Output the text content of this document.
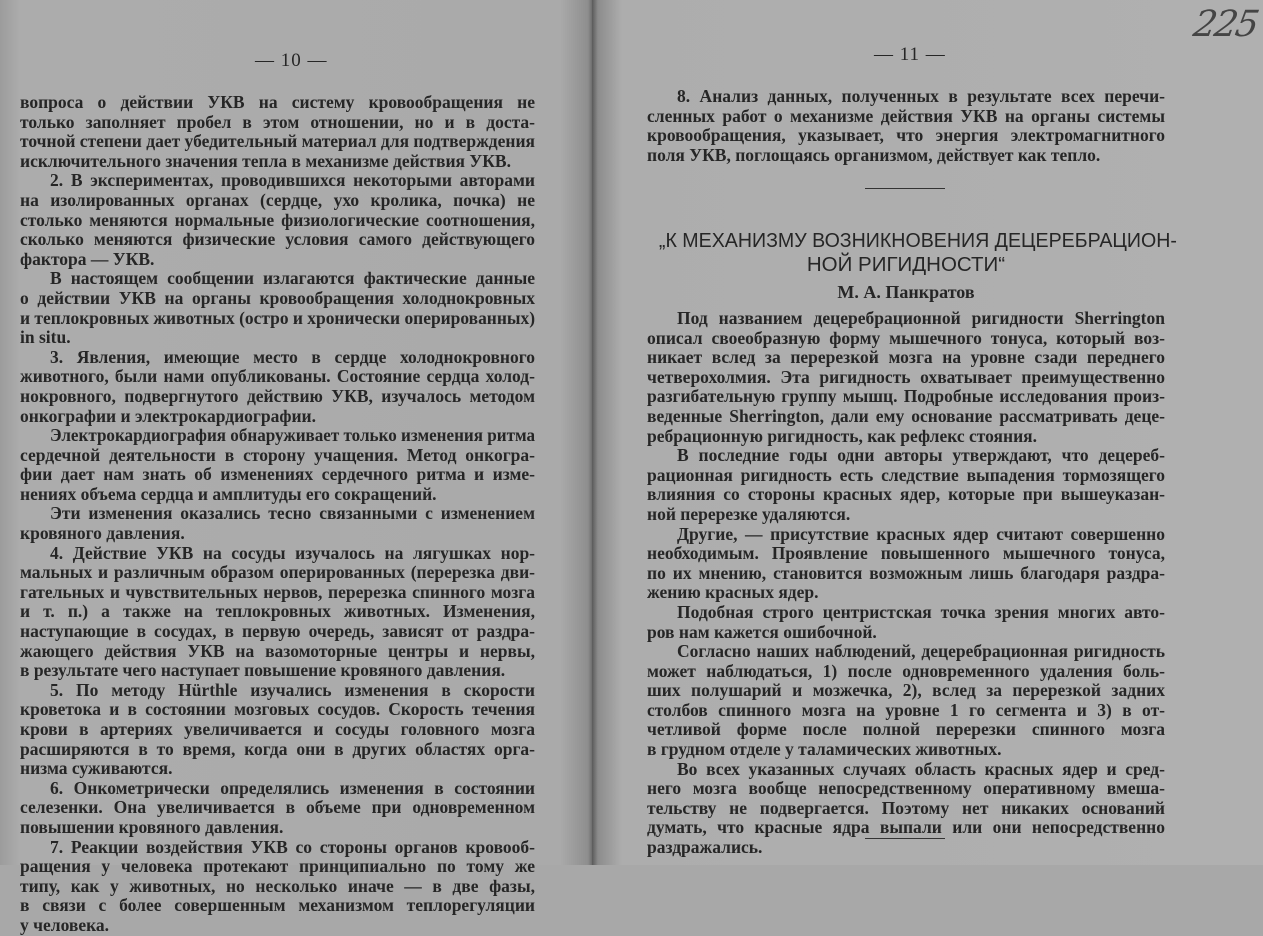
— 10 —
вопроса о действии УКВ на систему кровообращения не
только заполняет пробел в этом отношении, но и в доста-
точной степени дает убедительный материал для подтверждения
исключительного значения тепла в механизме действия УКВ.
2. В экспериментах, проводившихся некоторыми авторами
на изолированных органах (сердце, ухо кролика, почка) не
столько меняются нормальные физиологические соотношения,
сколько меняются физические условия самого действующего
фактора — УКВ.
В настоящем сообщении излагаются фактические данные
о действии УКВ на органы кровообращения холоднокровных
и теплокровных животных (остро и хронически оперированных)
in situ.
3. Явления, имеющие место в сердце холоднокровного
животного, были нами опубликованы. Состояние сердца холод-
нокровного, подвергнутого действию УКВ, изучалось методом
онкографии и электрокардиографии.
Электрокардиография обнаруживает только изменения ритма
сердечной деятельности в сторону учащения. Метод онкогра-
фии дает нам знать об изменениях сердечного ритма и изме-
нениях объема сердца и амплитуды его сокращений.
Эти изменения оказались тесно связанными с изменением
кровяного давления.
4. Действие УКВ на сосуды изучалось на лягушках нор-
мальных и различным образом оперированных (перерезка дви-
гательных и чувствительных нервов, перерезка спинного мозга
и т. п.) а также на теплокровных животных. Изменения,
наступающие в сосудах, в первую очередь, зависят от раздра-
жающего действия УКВ на вазомоторные центры и нервы,
в результате чего наступает повышение кровяного давления.
5. По методу Hürthle изучались изменения в скорости
кроветока и в состоянии мозговых сосудов. Скорость течения
крови в артериях увеличивается и сосуды головного мозга
расширяются в то время, когда они в других областях орга-
низма суживаются.
6. Онкометрически определялись изменения в состоянии
селезенки. Она увеличивается в объеме при одновременном
повышении кровяного давления.
7. Реакции воздействия УКВ со стороны органов кровооб-
ращения у человека протекают принципиально по тому же
типу, как у животных, но несколько иначе — в две фазы,
в связи с более совершенным механизмом теплорегуляции
у человека.
— 11 —
225
8. Анализ данных, полученных в результате всех перечи-
сленных работ о механизме действия УКВ на органы системы
кровообращения, указывает, что энергия электромагнитного
поля УКВ, поглощаясь организмом, действует как тепло.
„К МЕХАНИЗМУ ВОЗНИКНОВЕНИЯ ДЕЦЕРЕБРАЦИОН-
НОЙ РИГИДНОСТИ“
М. А. Панкратов
Под названием децеребрационной ригидности Sherrington
описал своеобразную форму мышечного тонуса, который воз-
никает вслед за перерезкой мозга на уровне сзади переднего
четверохолмия. Эта ригидность охватывает преимущественно
разгибательную группу мышц. Подробные исследования произ-
веденные Sherrington, дали ему основание рассматривать деце-
ребрационную ригидность, как рефлекс стояния.
В последние годы одни авторы утверждают, что децереб-
рационная ригидность есть следствие выпадения тормозящего
влияния со стороны красных ядер, которые при вышеуказан-
ной перерезке удаляются.
Другие, — присутствие красных ядер считают совершенно
необходимым. Проявление повышенного мышечного тонуса,
по их мнению, становится возможным лишь благодаря раздра-
жению красных ядер.
Подобная строго центристская точка зрения многих авто-
ров нам кажется ошибочной.
Согласно наших наблюдений, децеребрационная ригидность
может наблюдаться, 1) после одновременного удаления боль-
ших полушарий и мозжечка, 2), вслед за перерезкой задних
столбов спинного мозга на уровне 1 го сегмента и 3) в от-
четливой форме после полной перерезки спинного мозга
в грудном отделе у таламических животных.
Во всех указанных случаях область красных ядер и сред-
него мозга вообще непосредственному оперативному вмеша-
тельству не подвергается. Поэтому нет никаких оснований
думать, что красные ядра выпали или они непосредственно
раздражались.
